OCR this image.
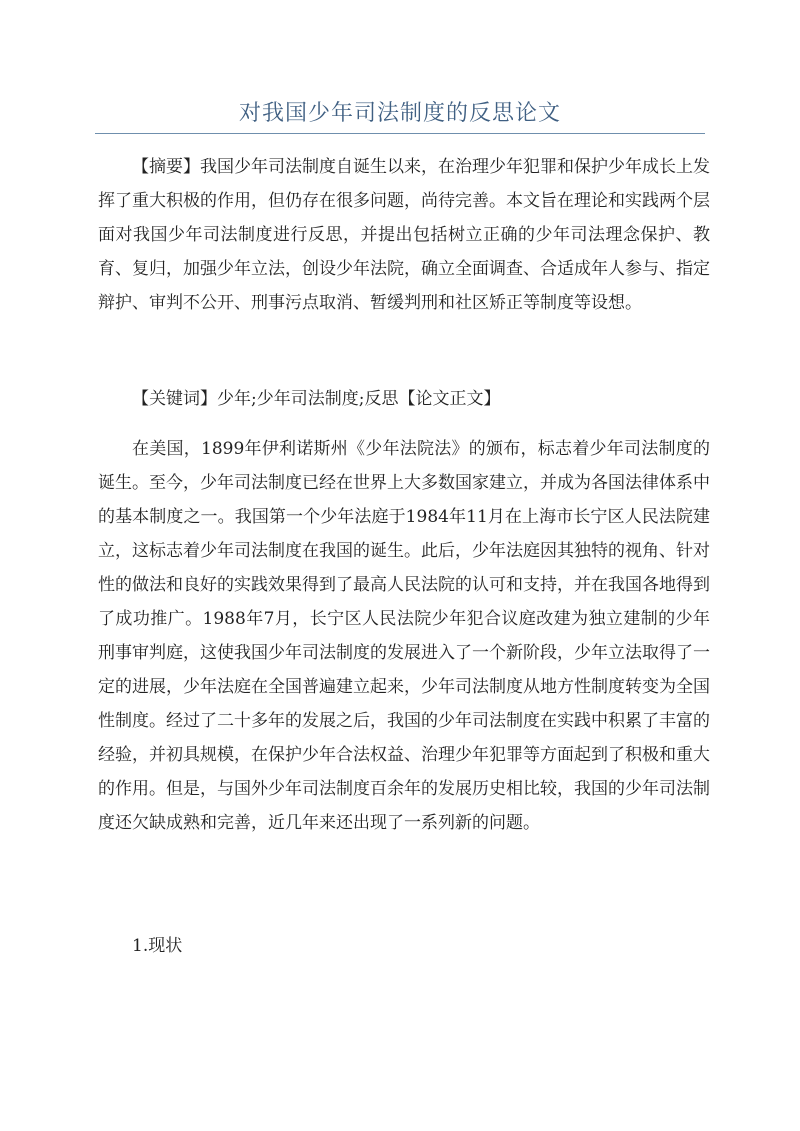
对我国少年司法制度的反思论文

【摘要】我国少年司法制度自诞生以来，在治理少年犯罪和保护少年成长上发挥了重大积极的作用，但仍存在很多问题，尚待完善。本文旨在理论和实践两个层面对我国少年司法制度进行反思，并提出包括树立正确的少年司法理念保护、教育、复归，加强少年立法，创设少年法院，确立全面调查、合适成年人参与、指定辩护、审判不公开、刑事污点取消、暂缓判刑和社区矫正等制度等设想。

【关键词】少年;少年司法制度;反思【论文正文】

在美国，1899年伊利诺斯州《少年法院法》的颁布，标志着少年司法制度的诞生。至今，少年司法制度已经在世界上大多数国家建立，并成为各国法律体系中的基本制度之一。我国第一个少年法庭于1984年11月在上海市长宁区人民法院建立，这标志着少年司法制度在我国的诞生。此后，少年法庭因其独特的视角、针对性的做法和良好的实践效果得到了最高人民法院的认可和支持，并在我国各地得到了成功推广。1988年7月，长宁区人民法院少年犯合议庭改建为独立建制的少年刑事审判庭，这使我国少年司法制度的发展进入了一个新阶段，少年立法取得了一定的进展，少年法庭在全国普遍建立起来，少年司法制度从地方性制度转变为全国性制度。经过了二十多年的发展之后，我国的少年司法制度在实践中积累了丰富的经验，并初具规模，在保护少年合法权益、治理少年犯罪等方面起到了积极和重大的作用。但是，与国外少年司法制度百余年的发展历史相比较，我国的少年司法制度还欠缺成熟和完善，近几年来还出现了一系列新的问题。

1.现状
